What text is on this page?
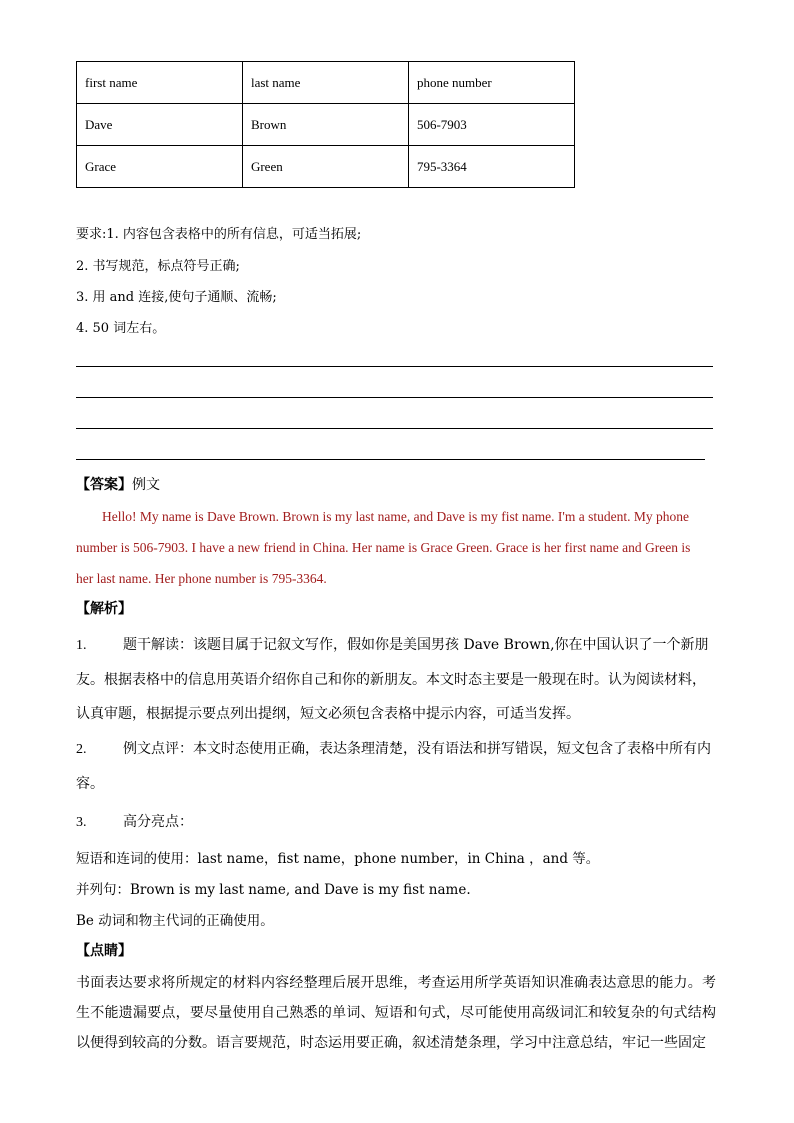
first name	last name	phone number
Dave	Brown	506-7903
Grace	Green	795-3364
要求:1. 内容包含表格中的所有信息，可适当拓展;
2. 书写规范，标点符号正确;
3. 用 and 连接,使句子通顺、流畅;
4. 50 词左右。
【答案】例文
Hello! My name is Dave Brown. Brown is my last name, and Dave is my fist name. I'm a student. My phone
number is 506-7903. I have a new friend in China. Her name is Grace Green. Grace is her first name and Green is
her last name. Her phone number is 795-3364.
【解析】
1.	题干解读：该题目属于记叙文写作，假如你是美国男孩 Dave Brown,你在中国认识了一个新朋友。根据表格中的信息用英语介绍你自己和你的新朋友。本文时态主要是一般现在时。认为阅读材料，认真审题，根据提示要点列出提纲，短文必须包含表格中提示内容，可适当发挥。
2.	例文点评：本文时态使用正确，表达条理清楚，没有语法和拼写错误，短文包含了表格中所有内容。
3.	高分亮点：
短语和连词的使用：last name，fist name，phone number，in China ，and 等。
并列句：Brown is my last name, and Dave is my fist name.
Be 动词和物主代词的正确使用。
【点睛】
书面表达要求将所规定的材料内容经整理后展开思维，考查运用所学英语知识准确表达意思的能力。考生不能遗漏要点，要尽量使用自己熟悉的单词、短语和句式，尽可能使用高级词汇和较复杂的句式结构以便得到较高的分数。语言要规范，时态运用要正确，叙述清楚条理，学习中注意总结，牢记一些固定
